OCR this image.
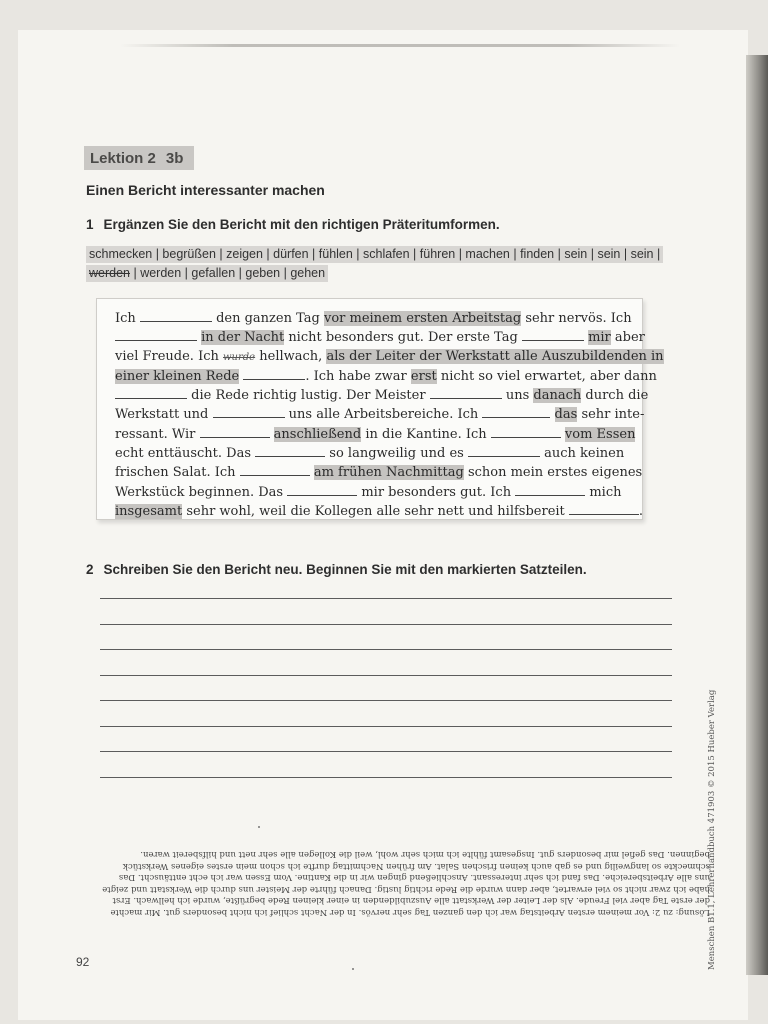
Lektion 2 3b
Einen Bericht interessanter machen
1 Ergänzen Sie den Bericht mit den richtigen Präteritumformen.
schmecken | begrüßen | zeigen | dürfen | fühlen | schlafen | führen | machen | finden | sein | sein | sein |
werden | werden | gefallen | geben | gehen
Ich	den ganzen Tag vor meinem ersten Arbeitstag sehr nervös. Ich
in der Nacht nicht besonders gut. Der erste Tag	mir aber
viel Freude. Ich wurde hellwach, als der Leiter der Werkstatt alle Auszubildenden in
einer kleinen Rede	. Ich habe zwar erst nicht so viel erwartet, aber dann
die Rede richtig lustig. Der Meister	uns danach durch die
Werkstatt und	uns alle Arbeitsbereiche. Ich	das sehr inte-
ressant. Wir	anschließend in die Kantine. Ich	vom Essen
echt enttäuscht. Das	so langweilig und es	auch keinen
frischen Salat. Ich	am frühen Nachmittag schon mein erstes eigenes
Werkstück beginnen. Das	mir besonders gut. Ich	mich
insgesamt sehr wohl, weil die Kollegen alle sehr nett und hilfsbereit	.
2 Schreiben Sie den Bericht neu. Beginnen Sie mit den markierten Satzteilen.

Lösung: zu 2: Vor meinem ersten Arbeitstag war ich den ganzen Tag sehr nervös. In der Nacht schlief ich nicht besonders gut. Mir machte

der erste Tag aber viel Freude. Als der Leiter der Werkstatt alle Auszubildenden in einer kleinen Rede begrüßte, wurde ich hellwach. Erst

habe ich zwar nicht so viel erwartet, aber dann wurde die Rede richtig lustig. Danach führte der Meister uns durch die Werkstatt und zeigte

uns alle Arbeitsbereiche. Das fand ich sehr interessant. Anschließend gingen wir in die Kantine. Vom Essen war ich echt enttäuscht. Das

schmeckte so langweilig und es gab auch keinen frischen Salat. Am frühen Nachmittag durfte ich schon mein erstes eigenes Werkstück

beginnen. Das gefiel mir besonders gut. Insgesamt fühlte ich mich sehr wohl, weil die Kollegen alle sehr nett und hilfsbereit waren.

Menschen B1.1, Lehrerhandbuch 471903 © 2015 Hueber Verlag
92
